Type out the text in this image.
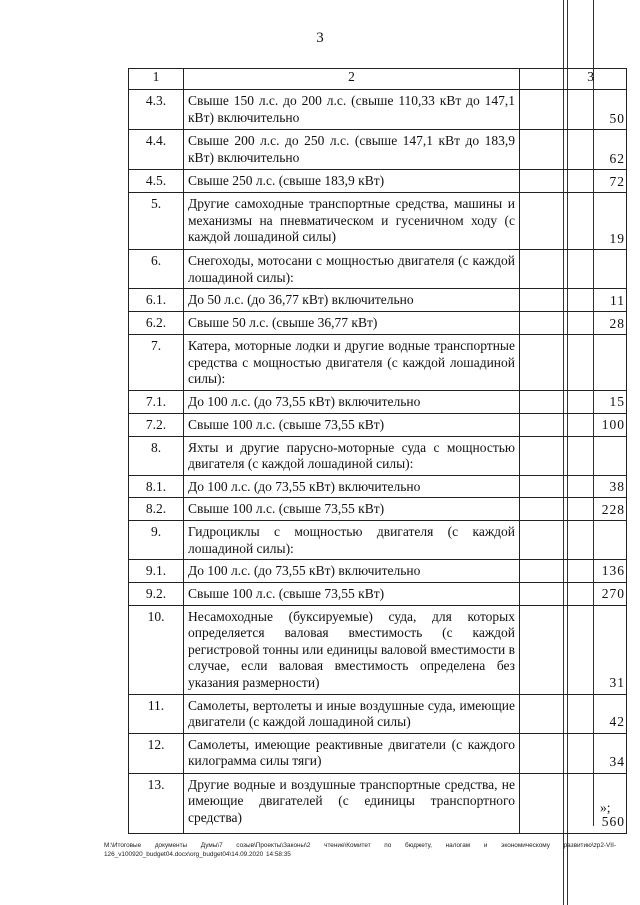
3
1	2	3
4.3.	Свыше 150 л.с. до 200 л.с. (свыше 110,33 кВт до 147,1 кВт) включительно	50

4.4.	Свыше 200 л.с. до 250 л.с. (свыше 147,1 кВт до 183,9 кВт) включительно	62

4.5.	Свыше 250 л.с. (свыше 183,9 кВт)	72

5.	Другие самоходные транспортные средства, машины и механизмы на пневматическом и гусеничном ходу (с каждой лошадиной силы)	19

6.	Снегоходы, мотосани с мощностью двигателя (с каждой лошадиной силы):	

6.1.	До 50 л.с. (до 36,77 кВт) включительно	11

6.2.	Свыше 50 л.с. (свыше 36,77 кВт)	28

7.	Катера, моторные лодки и другие водные транспортные средства с мощностью двигателя (с каждой лошадиной силы):	

7.1.	До 100 л.с. (до 73,55 кВт) включительно	15

7.2.	Свыше 100 л.с. (свыше 73,55 кВт)	100

8.	Яхты и другие парусно-моторные суда с мощностью двигателя (с каждой лошадиной силы):	

8.1.	До 100 л.с. (до 73,55 кВт) включительно	38

8.2.	Свыше 100 л.с. (свыше 73,55 кВт)	228

9.	Гидроциклы с мощностью двигателя (с каждой лошадиной силы):	

9.1.	До 100 л.с. (до 73,55 кВт) включительно	136

9.2.	Свыше 100 л.с. (свыше 73,55 кВт)	270

10.	Несамоходные (буксируемые) суда, для которых определяется валовая вместимость (с каждой регистровой тонны или единицы валовой вместимости в случае, если валовая вместимость определена без указания размерности)	31

11.	Самолеты, вертолеты и иные воздушные суда, имеющие двигатели (с каждой лошадиной силы)	42

12.	Самолеты, имеющие реактивные двигатели (с каждого килограмма силы тяги)	34

13.	Другие водные и воздушные транспортные средства, не имеющие двигателей (с единицы транспортного средства)	560
»;
М:\Итоговые документы Думы\7 созыв\Проекты\Законы\2 чтение\Комитет по бюджету, налогам и экономическому развитию\zp2-VII-126_v100920_budget04.docx\org_budget04\14.09.2020 14:58:35
